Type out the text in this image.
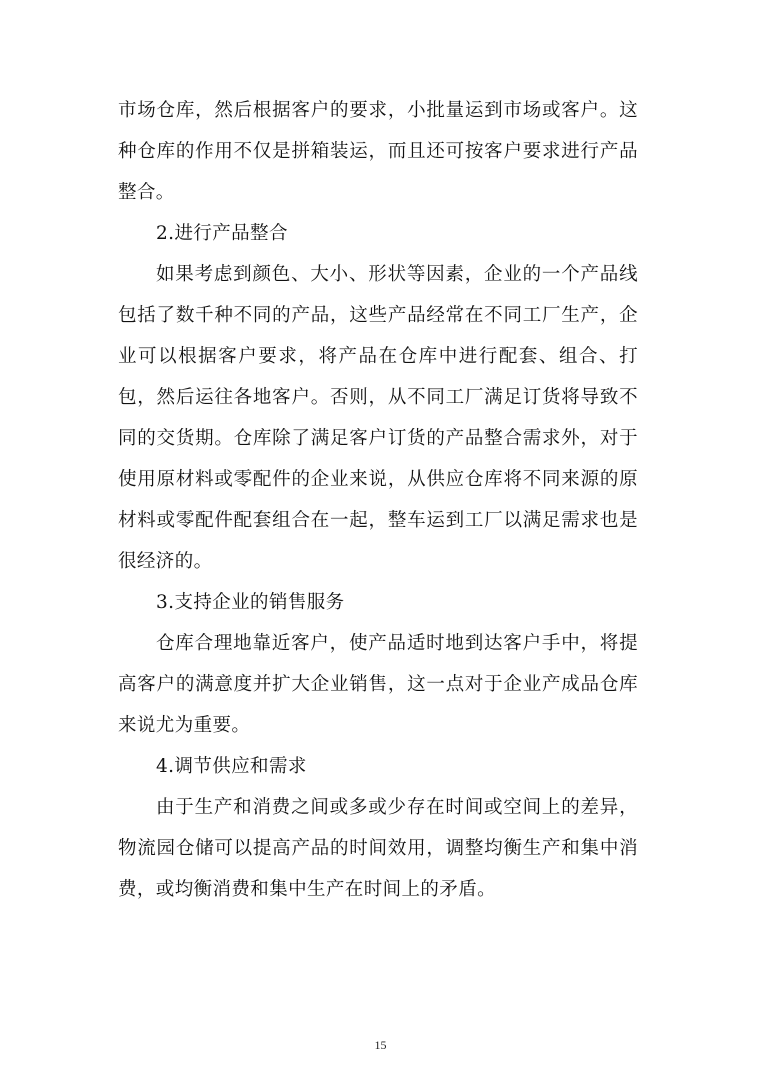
市场仓库，然后根据客户的要求，小批量运到市场或客户。这种仓库的作用不仅是拼箱装运，而且还可按客户要求进行产品整合。

2.进行产品整合

如果考虑到颜色、大小、形状等因素，企业的一个产品线包括了数千种不同的产品，这些产品经常在不同工厂生产，企业可以根据客户要求，将产品在仓库中进行配套、组合、打包，然后运往各地客户。否则，从不同工厂满足订货将导致不同的交货期。仓库除了满足客户订货的产品整合需求外，对于使用原材料或零配件的企业来说，从供应仓库将不同来源的原材料或零配件配套组合在一起，整车运到工厂以满足需求也是很经济的。

3.支持企业的销售服务

仓库合理地靠近客户，使产品适时地到达客户手中，将提高客户的满意度并扩大企业销售，这一点对于企业产成品仓库来说尤为重要。

4.调节供应和需求

由于生产和消费之间或多或少存在时间或空间上的差异，物流园仓储可以提高产品的时间效用，调整均衡生产和集中消费，或均衡消费和集中生产在时间上的矛盾。

15
